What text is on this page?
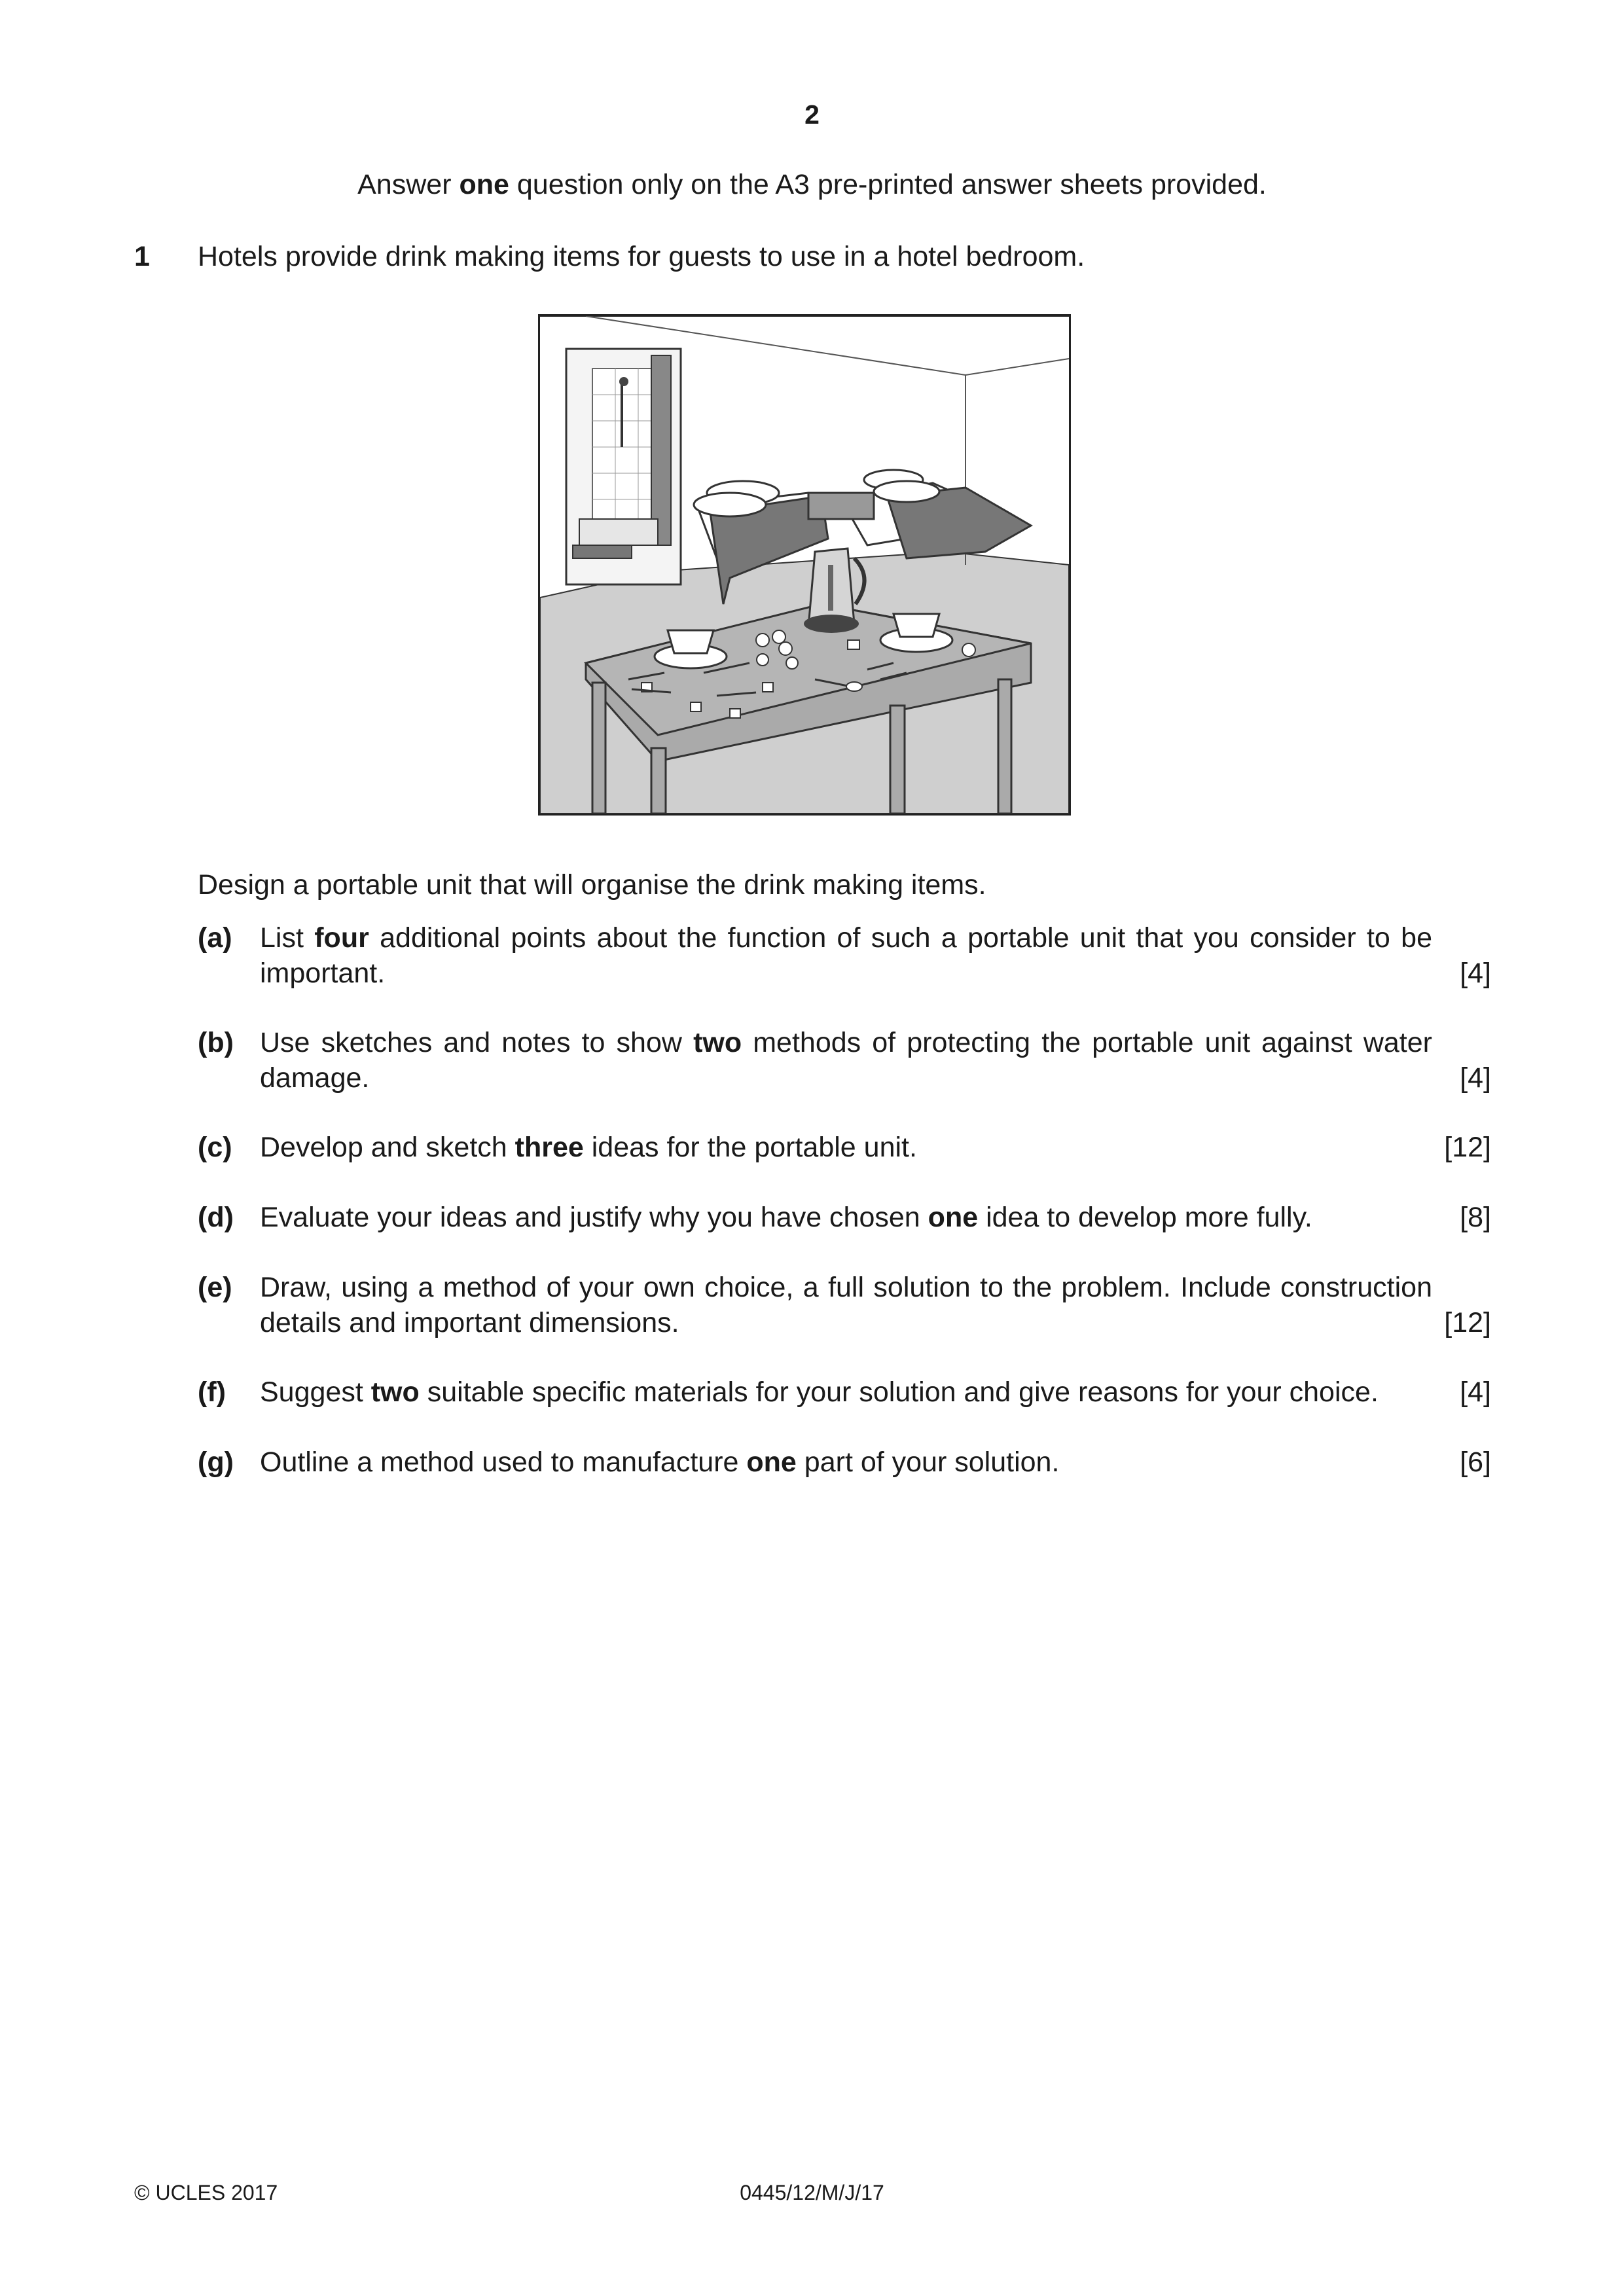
2
Answer one question only on the A3 pre-printed answer sheets provided.
1 Hotels provide drink making items for guests to use in a hotel bedroom.
Design a portable unit that will organise the drink making items.
(a) List four additional points about the function of such a portable unit that you consider to be important.	[4]
(b) Use sketches and notes to show two methods of protecting the portable unit against water damage.	[4]
(c) Develop and sketch three ideas for the portable unit.	[12]
(d) Evaluate your ideas and justify why you have chosen one idea to develop more fully.	[8]
(e) Draw, using a method of your own choice, a full solution to the problem. Include construction details and important dimensions.	[12]
(f) Suggest two suitable specific materials for your solution and give reasons for your choice.	[4]
(g) Outline a method used to manufacture one part of your solution.	[6]
© UCLES 2017	0445/12/M/J/17
